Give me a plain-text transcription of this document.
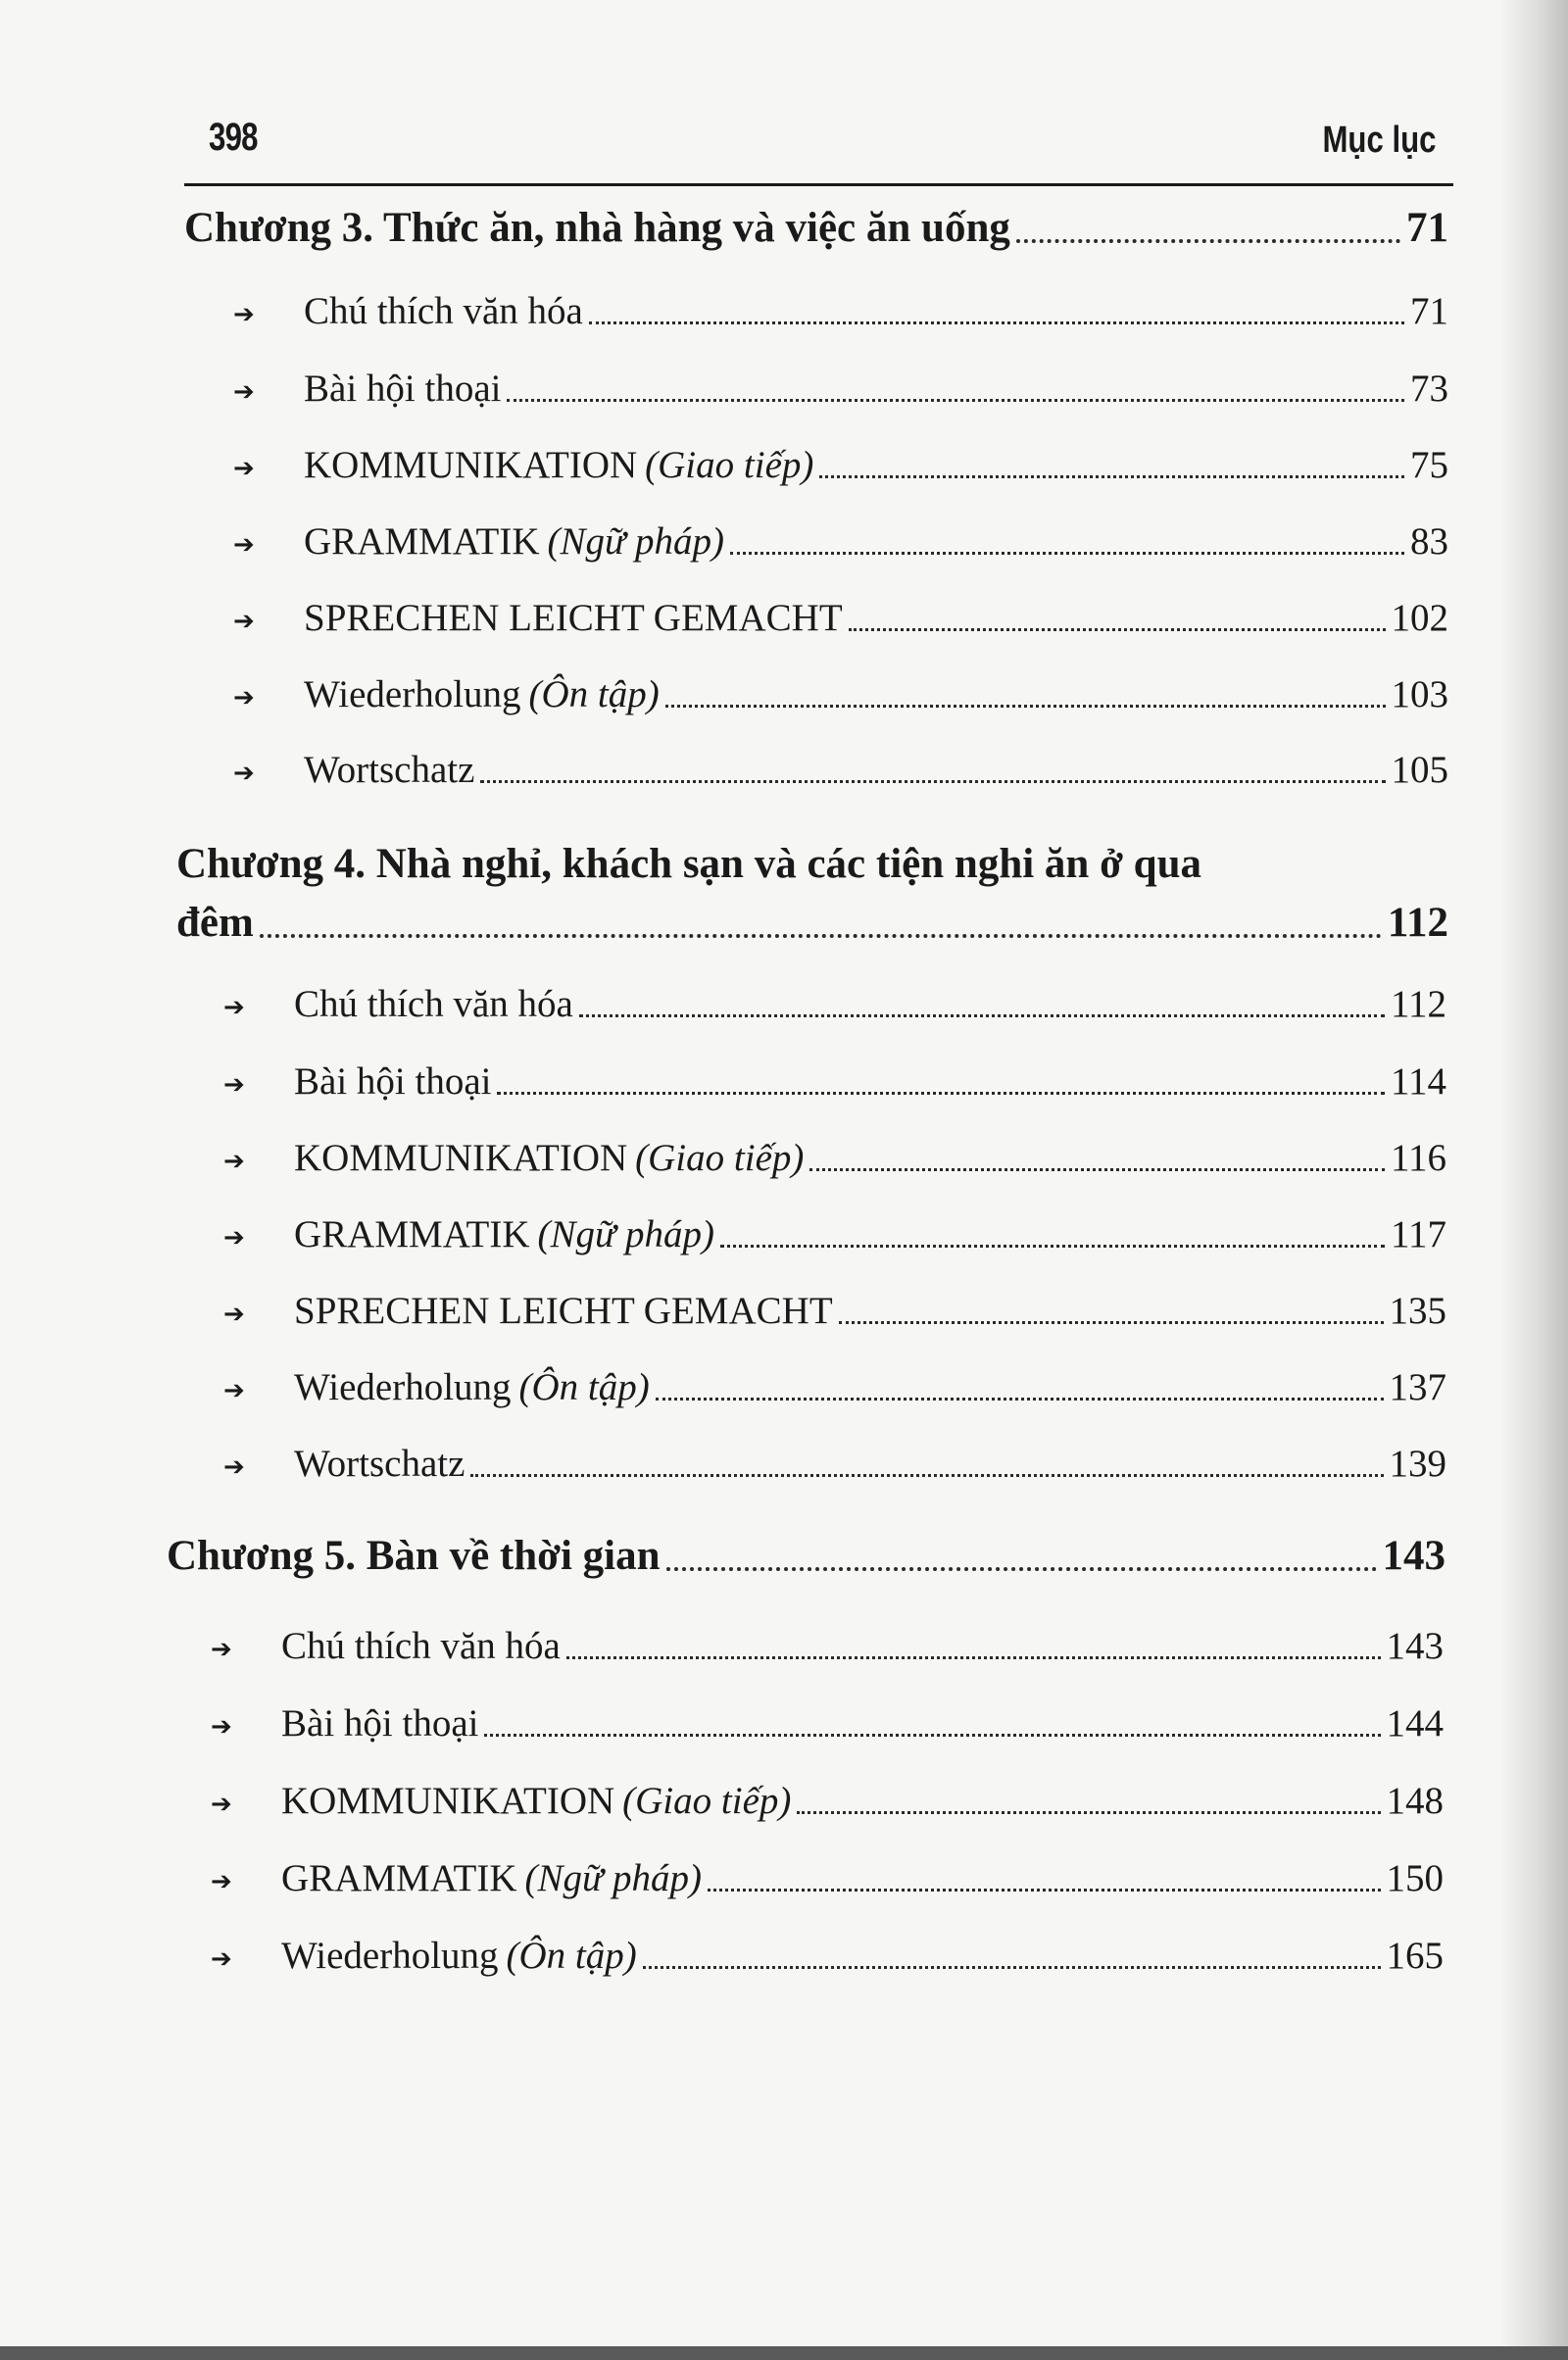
398	Mục lục
Chương 3. Thức ăn, nhà hàng và việc ăn uống	71
➔	Chú thích văn hóa	71
➔	Bài hội thoại	73
➔	KOMMUNIKATION (Giao tiếp)	75
➔	GRAMMATIK (Ngữ pháp)	83
➔	SPRECHEN LEICHT GEMACHT	102
➔	Wiederholung (Ôn tập)	103
➔	Wortschatz	105
Chương 4. Nhà nghỉ, khách sạn và các tiện nghi ăn ở qua
đêm	112
➔	Chú thích văn hóa	112
➔	Bài hội thoại	114
➔	KOMMUNIKATION (Giao tiếp)	116
➔	GRAMMATIK (Ngữ pháp)	117
➔	SPRECHEN LEICHT GEMACHT	135
➔	Wiederholung (Ôn tập)	137
➔	Wortschatz	139
Chương 5. Bàn về thời gian	143
➔	Chú thích văn hóa	143
➔	Bài hội thoại	144
➔	KOMMUNIKATION (Giao tiếp)	148
➔	GRAMMATIK (Ngữ pháp)	150
➔	Wiederholung (Ôn tập)	165
